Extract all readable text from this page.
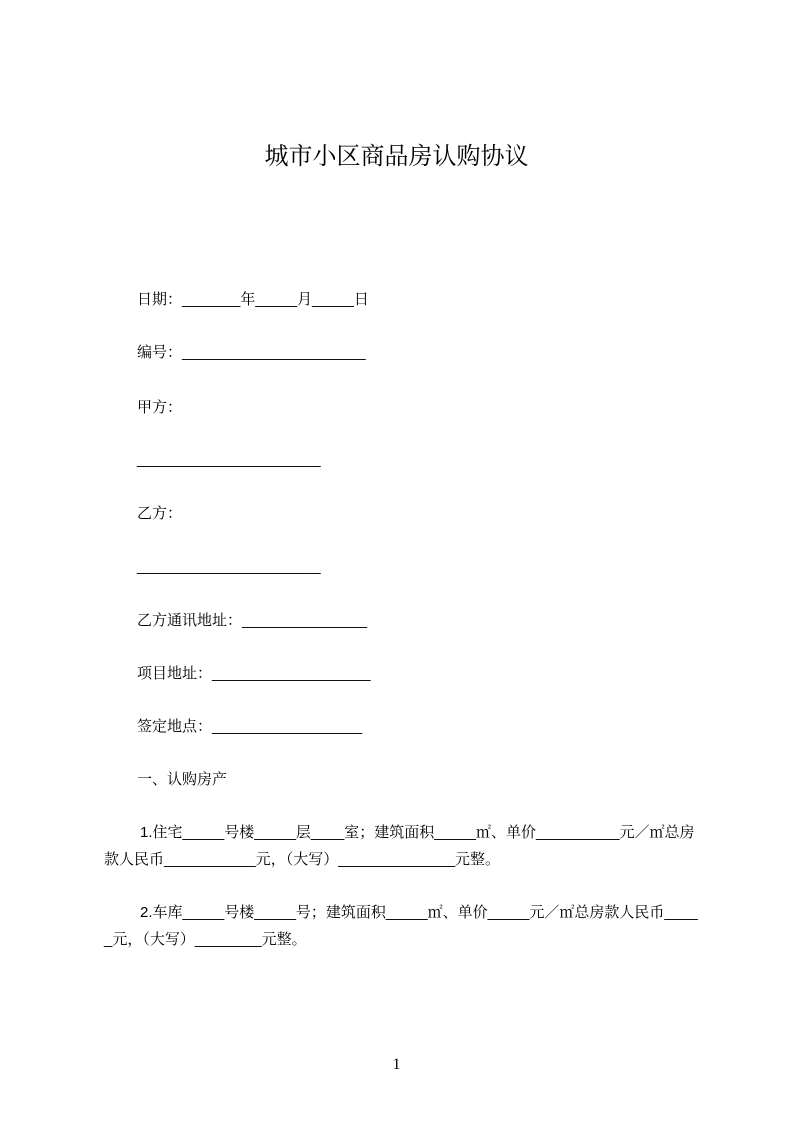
城市小区商品房认购协议
日期：_______年_____月_____日
编号：______________________
甲方：
______________________
乙方：
______________________
乙方通讯地址：_______________
项目地址：___________________
签定地点：__________________
一、认购房产
1.住宅_____号楼_____层____室；建筑面积_____㎡、单价__________元／㎡总房
款人民币___________元，（大写）______________元整。
2.车库_____号楼_____号；建筑面积_____㎡、单价_____元／㎡总房款人民币____
_元，（大写）________元整。
1
